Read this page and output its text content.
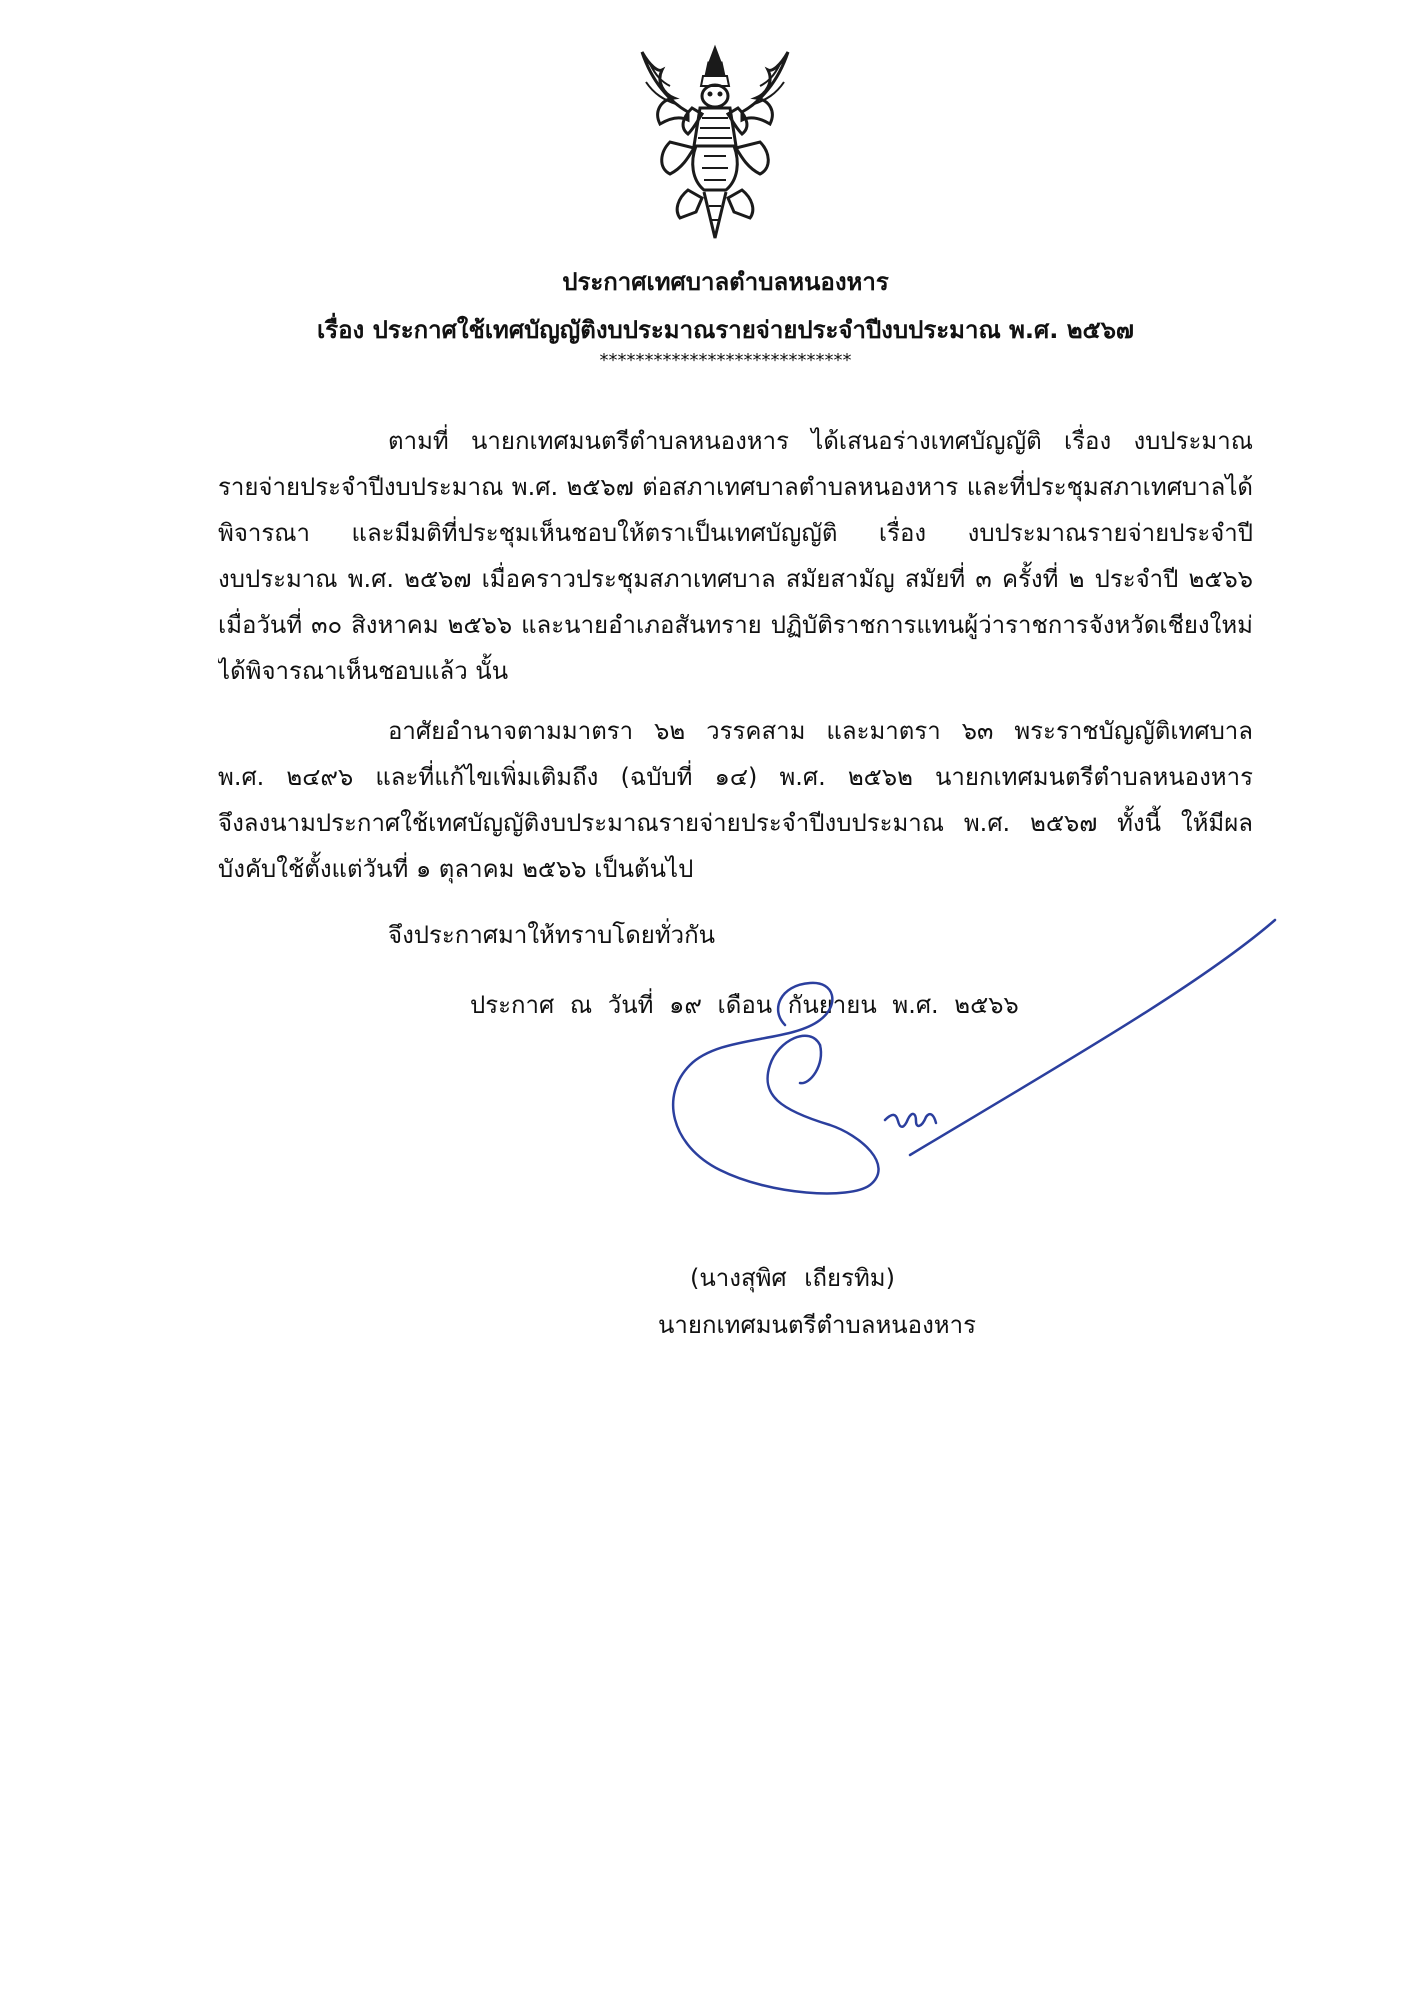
ประกาศเทศบาลตำบลหนองหาร
เรื่อง ประกาศใช้เทศบัญญัติงบประมาณรายจ่ายประจำปีงบประมาณ พ.ศ. ๒๕๖๗
****************************
ตามที่ นายกเทศมนตรีตำบลหนองหาร ได้เสนอร่างเทศบัญญัติ เรื่อง งบประมาณ
รายจ่ายประจำปีงบประมาณ พ.ศ. ๒๕๖๗ ต่อสภาเทศบาลตำบลหนองหาร และที่ประชุมสภาเทศบาลได้
พิจารณา และมีมติที่ประชุมเห็นชอบให้ตราเป็นเทศบัญญัติ เรื่อง งบประมาณรายจ่ายประจำปี
งบประมาณ พ.ศ. ๒๕๖๗ เมื่อคราวประชุมสภาเทศบาล สมัยสามัญ สมัยที่ ๓ ครั้งที่ ๒ ประจำปี ๒๕๖๖
เมื่อวันที่ ๓๐ สิงหาคม ๒๕๖๖ และนายอำเภอสันทราย ปฏิบัติราชการแทนผู้ว่าราชการจังหวัดเชียงใหม่
ได้พิจารณาเห็นชอบแล้ว นั้น
อาศัยอำนาจตามมาตรา ๖๒ วรรคสาม และมาตรา ๖๓ พระราชบัญญัติเทศบาล
พ.ศ. ๒๔๙๖ และที่แก้ไขเพิ่มเติมถึง (ฉบับที่ ๑๔) พ.ศ. ๒๕๖๒ นายกเทศมนตรีตำบลหนองหาร
จึงลงนามประกาศใช้เทศบัญญัติงบประมาณรายจ่ายประจำปีงบประมาณ พ.ศ. ๒๕๖๗ ทั้งนี้ ให้มีผล
บังคับใช้ตั้งแต่วันที่ ๑ ตุลาคม ๒๕๖๖ เป็นต้นไป
จึงประกาศมาให้ทราบโดยทั่วกัน
ประกาศ ณ วันที่ ๑๙ เดือน กันยายน พ.ศ. ๒๕๖๖
(นางสุพิศ เถียรทิม)
นายกเทศมนตรีตำบลหนองหาร
